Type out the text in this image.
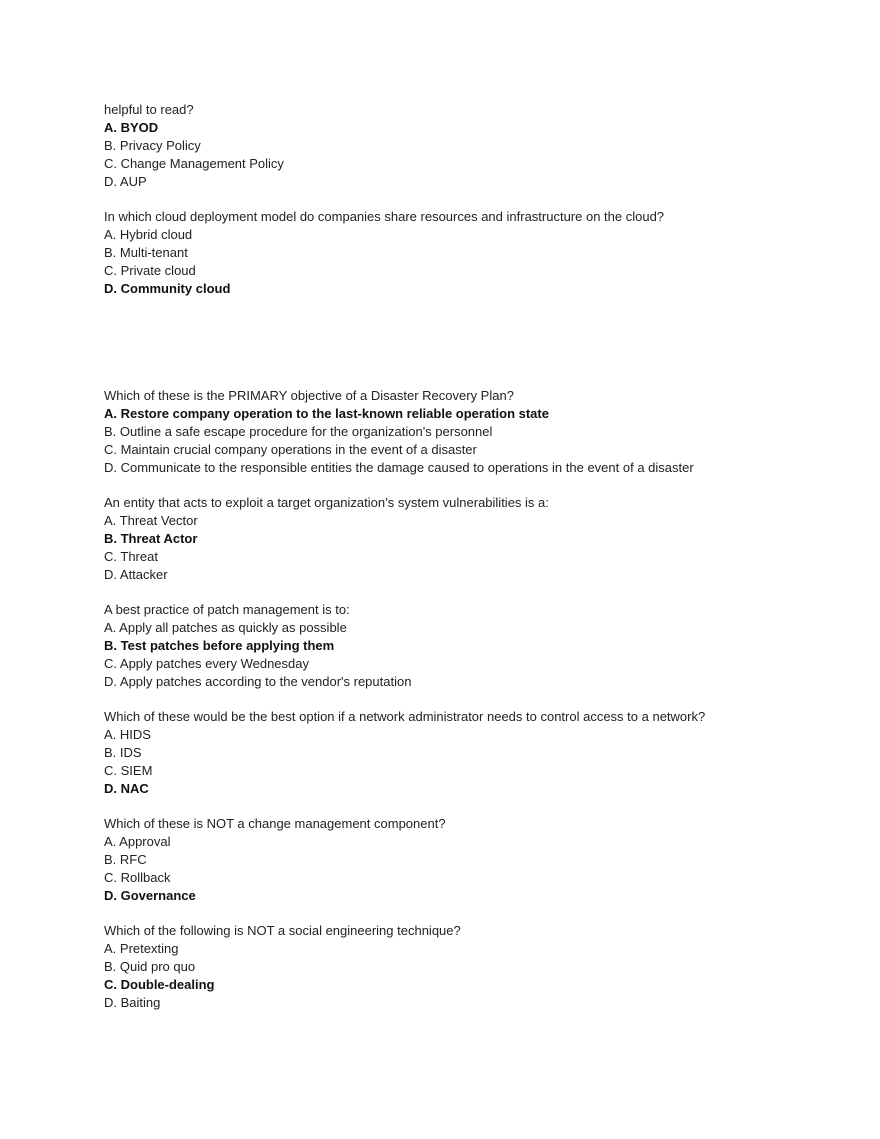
helpful to read?
A. BYOD
B. Privacy Policy
C. Change Management Policy
D. AUP
In which cloud deployment model do companies share resources and infrastructure on the cloud?
A. Hybrid cloud
B. Multi-tenant
C. Private cloud
D. Community cloud
Which of these is the PRIMARY objective of a Disaster Recovery Plan?
A. Restore company operation to the last-known reliable operation state
B. Outline a safe escape procedure for the organization's personnel
C. Maintain crucial company operations in the event of a disaster
D. Communicate to the responsible entities the damage caused to operations in the event of a disaster
An entity that acts to exploit a target organization’s system vulnerabilities is a:
A. Threat Vector
B. Threat Actor
C. Threat
D. Attacker
A best practice of patch management is to:
A. Apply all patches as quickly as possible
B. Test patches before applying them
C. Apply patches every Wednesday
D. Apply patches according to the vendor's reputation
Which of these would be the best option if a network administrator needs to control access to a network?
A. HIDS
B. IDS
C. SIEM
D. NAC
Which of these is NOT a change management component?
A. Approval
B. RFC
C. Rollback
D. Governance
Which of the following is NOT a social engineering technique?
A. Pretexting
B. Quid pro quo
C. Double-dealing
D. Baiting
